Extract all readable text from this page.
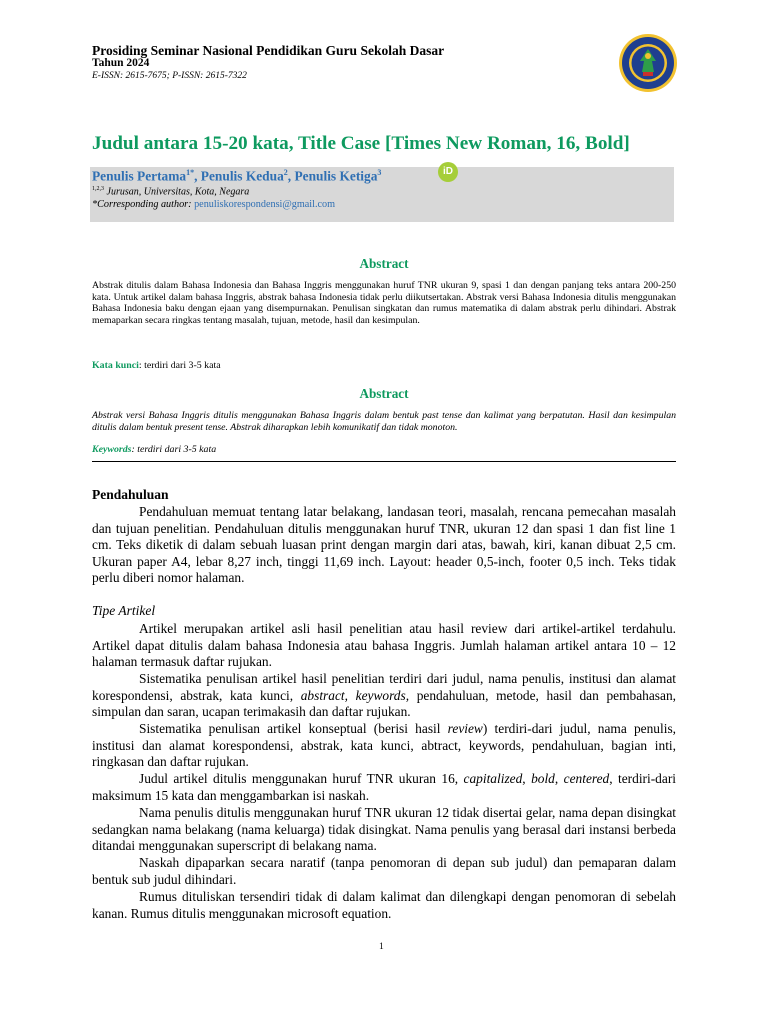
Prosiding Seminar Nasional Pendidikan Guru Sekolah Dasar
Tahun 2024
E-ISSN: 2615-7675; P-ISSN: 2615-7322
Judul antara 15-20 kata, Title Case [Times New Roman, 16, Bold]
Penulis Pertama$^{1*}$, Penulis Kedua$^2$, Penulis Ketiga$^3$	iD
$^{1,2,3}$ Jurusan, Universitas, Kota, Negara
*Corresponding author: penuliskorespondensi@gmail.com
Abstract
Abstrak ditulis dalam Bahasa Indonesia dan Bahasa Inggris menggunakan huruf TNR ukuran 9, spasi 1 dan dengan panjang teks antara 200-250 kata. Untuk artikel dalam bahasa Inggris, abstrak bahasa Indonesia tidak perlu diikutsertakan. Abstrak versi Bahasa Indonesia ditulis menggunakan Bahasa Indonesia baku dengan ejaan yang disempurnakan. Penulisan singkatan dan rumus matematika di dalam abstrak perlu dihindari. Abstrak memaparkan secara ringkas tentang masalah, tujuan, metode, hasil dan kesimpulan.
Kata kunci: terdiri dari 3-5 kata
Abstract
Abstrak versi Bahasa Inggris ditulis menggunakan Bahasa Inggris dalam bentuk past tense dan kalimat yang berpatutan. Hasil dan kesimpulan ditulis dalam bentuk present tense. Abstrak diharapkan lebih komunikatif dan tidak monoton.
Keywords: terdiri dari 3-5 kata
Pendahuluan
Pendahuluan memuat tentang latar belakang, landasan teori, masalah, rencana pemecahan masalah dan tujuan penelitian. Pendahuluan ditulis menggunakan huruf TNR, ukuran 12 dan spasi 1 dan fist line 1 cm. Teks diketik di dalam sebuah luasan print dengan margin dari atas, bawah, kiri, kanan dibuat 2,5 cm. Ukuran paper A4, lebar 8,27 inch, tinggi 11,69 inch. Layout: header 0,5-inch, footer 0,5 inch. Teks tidak perlu diberi nomor halaman.
Tipe Artikel
Artikel merupakan artikel asli hasil penelitian atau hasil review dari artikel-artikel terdahulu. Artikel dapat ditulis dalam bahasa Indonesia atau bahasa Inggris. Jumlah halaman artikel antara 10 – 12 halaman termasuk daftar rujukan.
Sistematika penulisan artikel hasil penelitian terdiri dari judul, nama penulis, institusi dan alamat korespondensi, abstrak, kata kunci, abstract, keywords, pendahuluan, metode, hasil dan pembahasan, simpulan dan saran, ucapan terimakasih dan daftar rujukan.
Sistematika penulisan artikel konseptual (berisi hasil review) terdiri-dari judul, nama penulis, institusi dan alamat korespondensi, abstrak, kata kunci, abtract, keywords, pendahuluan, bagian inti, ringkasan dan daftar rujukan.
Judul artikel ditulis menggunakan huruf TNR ukuran 16, capitalized, bold, centered, terdiri-dari maksimum 15 kata dan menggambarkan isi naskah.
Nama penulis ditulis menggunakan huruf TNR ukuran 12 tidak disertai gelar, nama depan disingkat sedangkan nama belakang (nama keluarga) tidak disingkat. Nama penulis yang berasal dari instansi berbeda ditandai menggunakan superscript di belakang nama.
Naskah dipaparkan secara naratif (tanpa penomoran di depan sub judul) dan pemaparan dalam bentuk sub judul dihindari.
Rumus dituliskan tersendiri tidak di dalam kalimat dan dilengkapi dengan penomoran di sebelah kanan. Rumus ditulis menggunakan microsoft equation.
1
